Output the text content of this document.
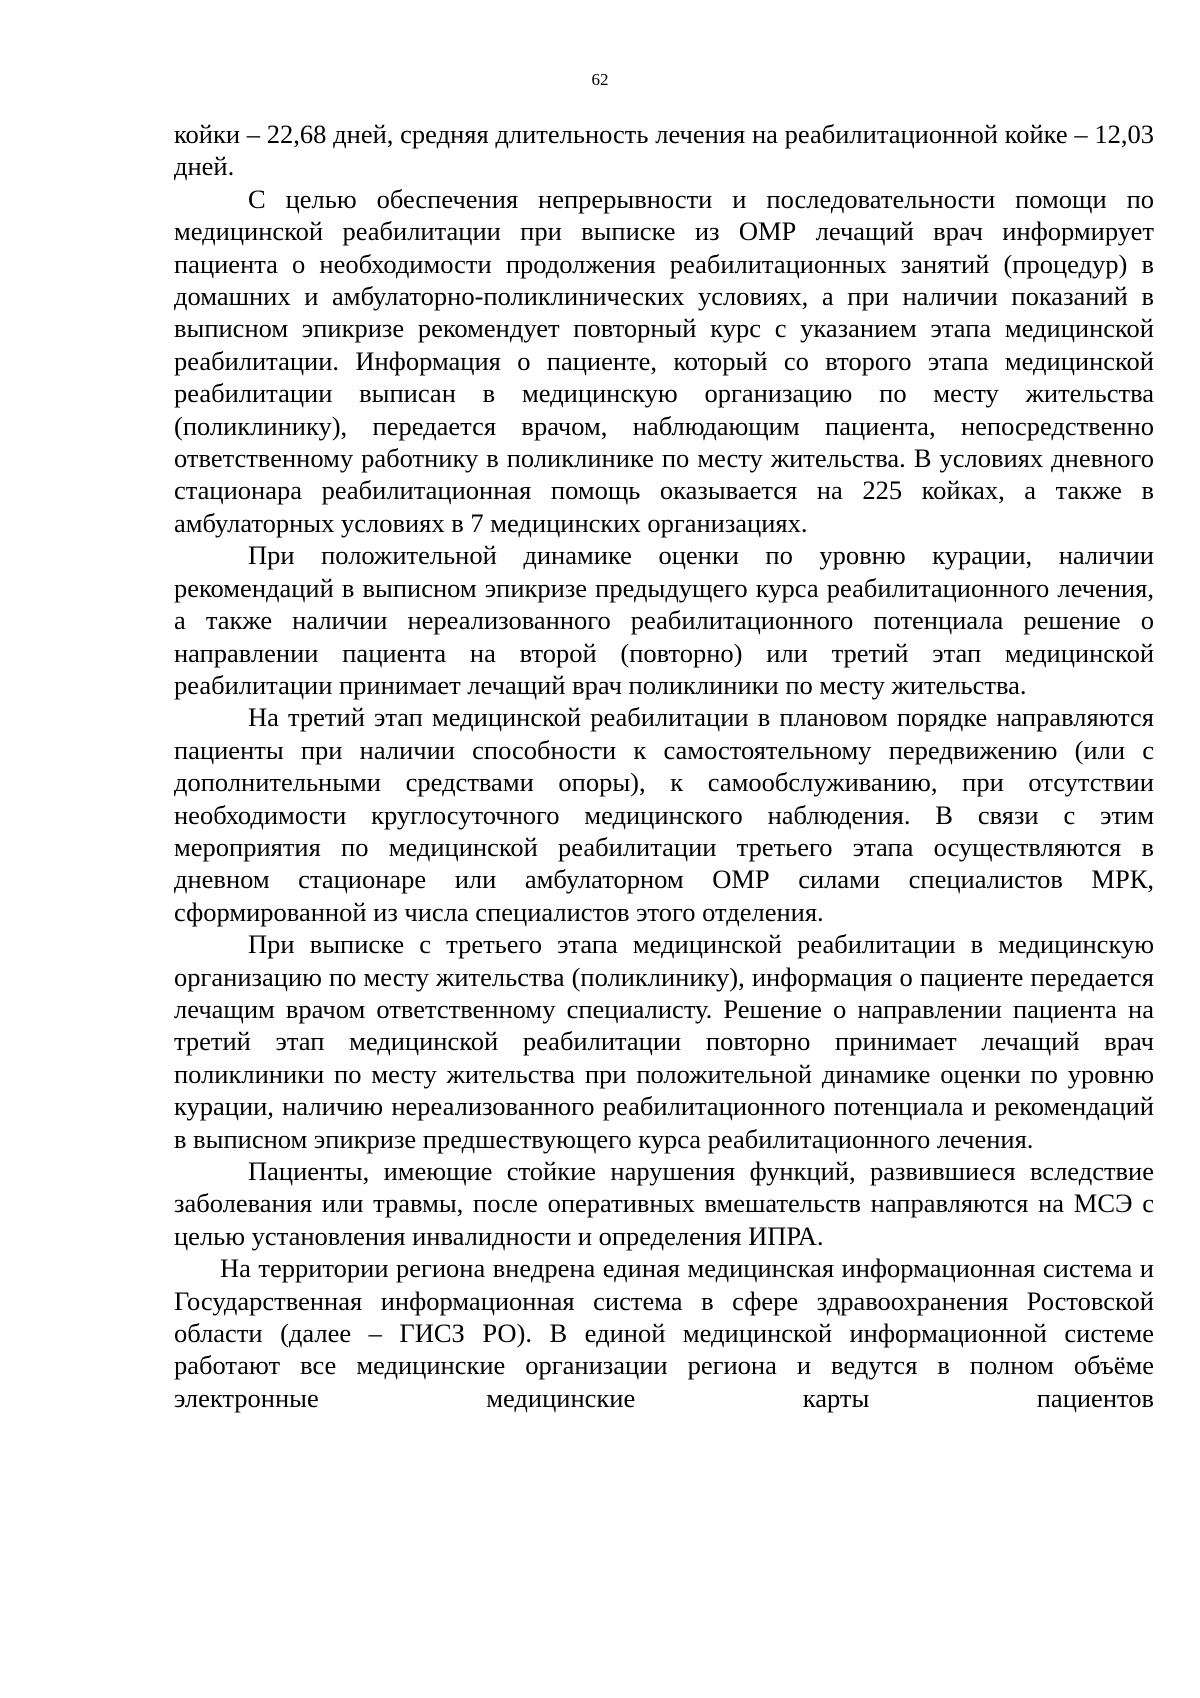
62

койки – 22,68 дней, средняя длительность лечения на реабилитационной койке – 12,03 дней.

С целью обеспечения непрерывности и последовательности помощи по медицинской реабилитации при выписке из ОМР лечащий врач информирует пациента о необходимости продолжения реабилитационных занятий (процедур) в домашних и амбулаторно-поликлинических условиях, а при наличии показаний в выписном эпикризе рекомендует повторный курс с указанием этапа медицинской реабилитации. Информация о пациенте, который со второго этапа медицинской реабилитации выписан в медицинскую организацию по месту жительства (поликлинику), передается врачом, наблюдающим пациента, непосредственно ответственному работнику в поликлинике по месту жительства. В условиях дневного стационара реабилитационная помощь оказывается на 225 койках, а также в амбулаторных условиях в 7 медицинских организациях.

При положительной динамике оценки по уровню курации, наличии рекомендаций в выписном эпикризе предыдущего курса реабилитационного лечения, а также наличии нереализованного реабилитационного потенциала решение о направлении пациента на второй (повторно) или третий этап медицинской реабилитации принимает лечащий врач поликлиники по месту жительства.

На третий этап медицинской реабилитации в плановом порядке направляются пациенты при наличии способности к самостоятельному передвижению (или с дополнительными средствами опоры), к самообслуживанию, при отсутствии необходимости круглосуточного медицинского наблюдения. В связи с этим мероприятия по медицинской реабилитации третьего этапа осуществляются в дневном стационаре или амбулаторном ОМР силами специалистов МРК, сформированной из числа специалистов этого отделения.

При выписке с третьего этапа медицинской реабилитации в медицинскую организацию по месту жительства (поликлинику), информация о пациенте передается лечащим врачом ответственному специалисту. Решение о направлении пациента на третий этап медицинской реабилитации повторно принимает лечащий врач поликлиники по месту жительства при положительной динамике оценки по уровню курации, наличию нереализованного реабилитационного потенциала и рекомендаций в выписном эпикризе предшествующего курса реабилитационного лечения.

Пациенты, имеющие стойкие нарушения функций, развившиеся вследствие заболевания или травмы, после оперативных вмешательств направляются на МСЭ с целью установления инвалидности и определения ИПРА.

На территории региона внедрена единая медицинская информационная система и Государственная информационная система в сфере здравоохранения Ростовской области (далее – ГИСЗ РО). В единой медицинской информационной системе работают все медицинские организации региона и ведутся в полном объёме электронные медицинские карты пациентов
